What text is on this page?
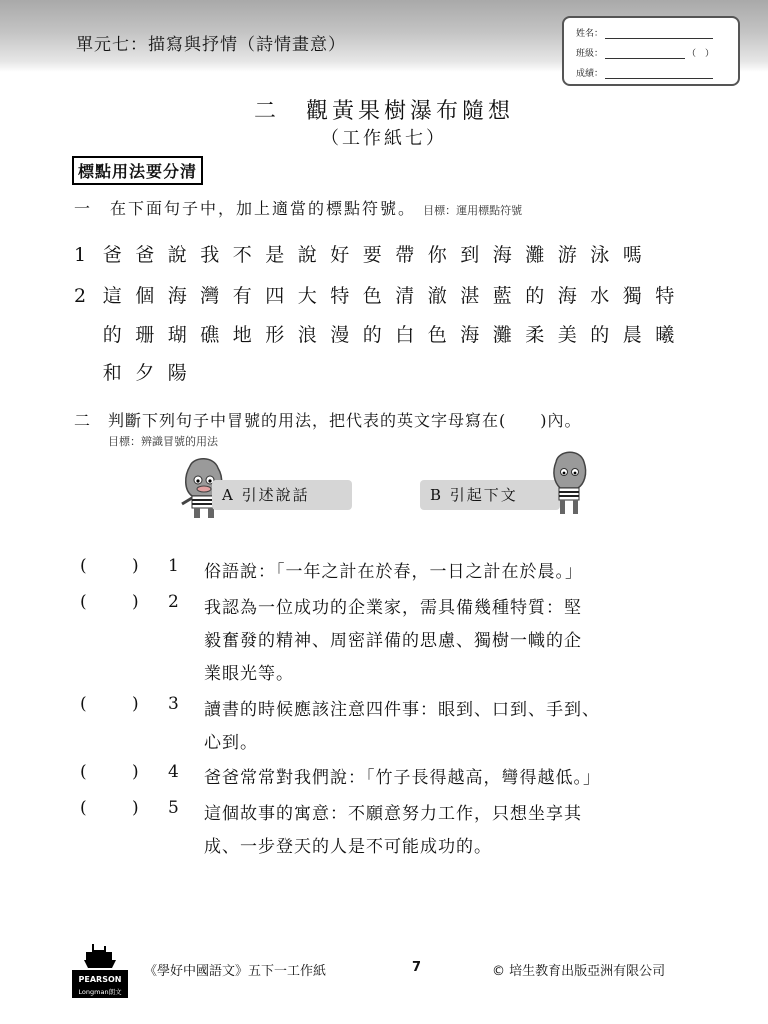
單元七：描寫與抒情（詩情畫意）
姓名：
班級：	（　）
成績：
二　觀黃果樹瀑布隨想
（工作紙七）
標點用法要分清
一　在下面句子中，加上適當的標點符號。 目標：運用標點符號
1 爸 爸 說 我 不 是 說 好 要 帶 你 到 海 灘 游 泳 嗎
2 這 個 海 灣 有 四 大 特 色 清 澈 湛 藍 的 海 水 獨 特
的 珊 瑚 礁 地 形 浪 漫 的 白 色 海 灘 柔 美 的 晨 曦
和 夕 陽
二　判斷下列句子中冒號的用法，把代表的英文字母寫在(　　)內。
目標：辨識冒號的用法
A 引述說話	B 引起下文
(	) 1 俗語說：「一年之計在於春，一日之計在於晨。」
(	) 2 我認為一位成功的企業家，需具備幾種特質：堅
毅奮發的精神、周密詳備的思慮、獨樹一幟的企
業眼光等。
(	) 3 讀書的時候應該注意四件事：眼到、口到、手到、
心到。
(	) 4 爸爸常常對我們說：「竹子長得越高，彎得越低。」
(	) 5 這個故事的寓意：不願意努力工作，只想坐享其
成、一步登天的人是不可能成功的。
PEARSON
Longman朗文
《學好中國語文》五下一工作紙	7	© 培生教育出版亞洲有限公司
